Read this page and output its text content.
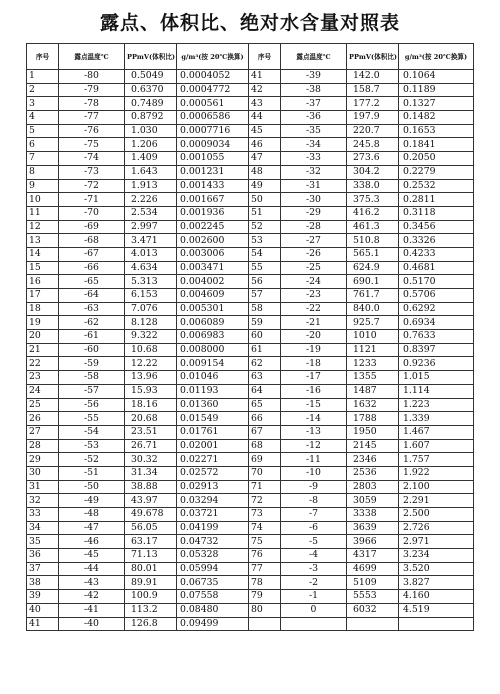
露点、体积比、绝对水含量对照表
序号	露点温度℃	PPmV(体积比)	g/m³(按 20℃换算)	序号	露点温度℃	PPmV(体积比)	g/m³(按 20℃换算)
1	-80	0.5049	0.0004052	41	-39	142.0	0.1064
2	-79	0.6370	0.0004772	42	-38	158.7	0.1189
3	-78	0.7489	0.000561	43	-37	177.2	0.1327
4	-77	0.8792	0.0006586	44	-36	197.9	0.1482
5	-76	1.030	0.0007716	45	-35	220.7	0.1653
6	-75	1.206	0.0009034	46	-34	245.8	0.1841
7	-74	1.409	0.001055	47	-33	273.6	0.2050
8	-73	1.643	0.001231	48	-32	304.2	0.2279
9	-72	1.913	0.001433	49	-31	338.0	0.2532
10	-71	2.226	0.001667	50	-30	375.3	0.2811
11	-70	2.534	0.001936	51	-29	416.2	0.3118
12	-69	2.997	0.002245	52	-28	461.3	0.3456
13	-68	3.471	0.002600	53	-27	510.8	0.3326
14	-67	4.013	0.003006	54	-26	565.1	0.4233
15	-66	4.634	0.003471	55	-25	624.9	0.4681
16	-65	5.313	0.004002	56	-24	690.1	0.5170
17	-64	6.153	0.004609	57	-23	761.7	0.5706
18	-63	7.076	0.005301	58	-22	840.0	0.6292
19	-62	8.128	0.006089	59	-21	925.7	0.6934
20	-61	9.322	0.006983	60	-20	1010	0.7633
21	-60	10.68	0.008000	61	-19	1121	0.8397
22	-59	12.22	0.009154	62	-18	1233	0.9236
23	-58	13.96	0.01046	63	-17	1355	1.015
24	-57	15.93	0.01193	64	-16	1487	1.114
25	-56	18.16	0.01360	65	-15	1632	1.223
26	-55	20.68	0.01549	66	-14	1788	1.339
27	-54	23.51	0.01761	67	-13	1950	1.467
28	-53	26.71	0.02001	68	-12	2145	1.607
29	-52	30.32	0.02271	69	-11	2346	1.757
30	-51	31.34	0.02572	70	-10	2536	1.922
31	-50	38.88	0.02913	71	-9	2803	2.100
32	-49	43.97	0.03294	72	-8	3059	2.291
33	-48	49.678	0.03721	73	-7	3338	2.500
34	-47	56.05	0.04199	74	-6	3639	2.726
35	-46	63.17	0.04732	75	-5	3966	2.971
36	-45	71.13	0.05328	76	-4	4317	3.234
37	-44	80.01	0.05994	77	-3	4699	3.520
38	-43	89.91	0.06735	78	-2	5109	3.827
39	-42	100.9	0.07558	79	-1	5553	4.160
40	-41	113.2	0.08480	80	0	6032	4.519
41	-40	126.8	0.09499				
